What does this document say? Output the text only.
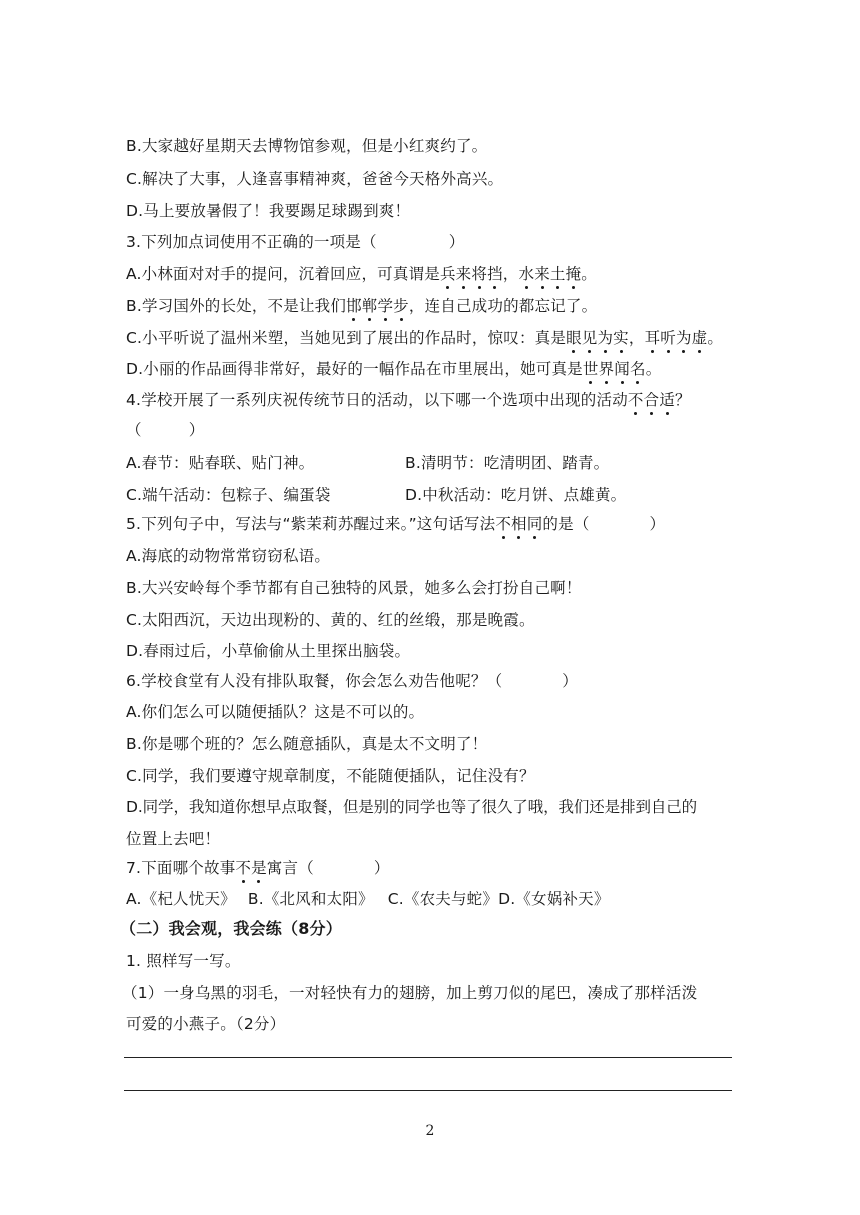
B.大家越好星期天去博物馆参观，但是小红爽约了。
C.解决了大事，人逢喜事精神爽，爸爸今天格外高兴。
D.马上要放暑假了！我要踢足球踢到爽！
3.下列加点词使用不正确的一项是（	）
A.小林面对对手的提问，沉着回应，可真谓是兵来将挡，水来土掩。
B.学习国外的长处，不是让我们邯郸学步，连自己成功的都忘记了。
C.小平听说了温州米塑，当她见到了展出的作品时，惊叹：真是眼见为实，耳听为虚。
D.小丽的作品画得非常好，最好的一幅作品在市里展出，她可真是世界闻名。
4.学校开展了一系列庆祝传统节日的活动，以下哪一个选项中出现的活动不合适？
（　　　）
A.春节：贴春联、贴门神。	B.清明节：吃清明团、踏青。
C.端午活动：包粽子、编蛋袋	D.中秋活动：吃月饼、点雄黄。
5.下列句子中，写法与“紫茉莉苏醒过来。”这句话写法不相同的是（	）
A.海底的动物常常窃窃私语。
B.大兴安岭每个季节都有自己独特的风景，她多么会打扮自己啊！
C.太阳西沉，天边出现粉的、黄的、红的丝缎，那是晚霞。
D.春雨过后，小草偷偷从土里探出脑袋。
6.学校食堂有人没有排队取餐，你会怎么劝告他呢？（	）
A.你们怎么可以随便插队？这是不可以的。
B.你是哪个班的？怎么随意插队，真是太不文明了！
C.同学，我们要遵守规章制度，不能随便插队，记住没有？
D.同学，我知道你想早点取餐，但是别的同学也等了很久了哦，我们还是排到自己的
位置上去吧！
7.下面哪个故事不是寓言（	）
A.《杞人忧天》 B.《北风和太阳》 C.《农夫与蛇》D.《女娲补天》
（二）我会观，我会练（8分）
1. 照样写一写。
（1）一身乌黑的羽毛，一对轻快有力的翅膀，加上剪刀似的尾巴，凑成了那样活泼
可爱的小燕子。（2分）
2
